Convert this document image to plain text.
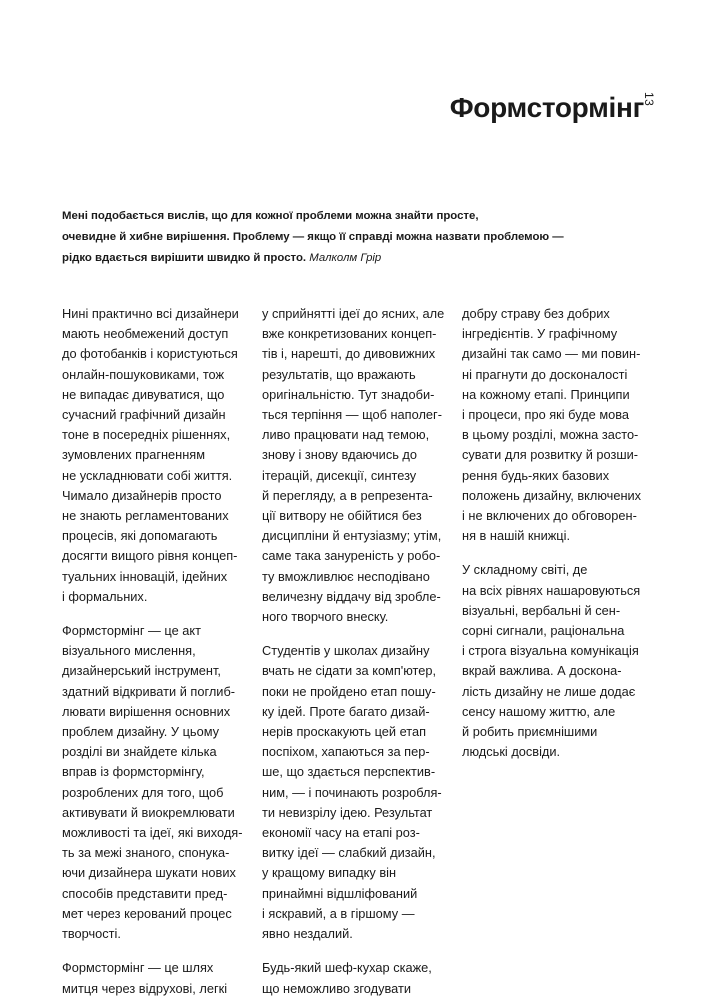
13
Формстормінг
Мені подобається вислів, що для кожної проблеми можна знайти просте,
очевидне й хибне вирішення. Проблему — якщо її справді можна назвати проблемою —
рідко вдається вирішити швидко й просто. Малколм Грір

Нині практично всі дизайнери
мають необмежений доступ
до фотобанків і користуються
онлайн-пошуковиками, тож
не випадає дивуватися, що
сучасний графічний дизайн
тоне в посередніх рішеннях,
зумовлених прагненням
не ускладнювати собі життя.
Чимало дизайнерів просто
не знають регламентованих
процесів, які допомагають
досягти вищого рівня концеп-
туальних інновацій, ідейних
і формальних.

Формстормінг — це акт
візуального мислення,
дизайнерський інструмент,
здатний відкривати й поглиб-
лювати вирішення основних
проблем дизайну. У цьому
розділі ви знайдете кілька
вправ із формстормінгу,
розроблених для того, щоб
активувати й виокремлювати
можливості та ідеї, які виходя-
ть за межі знаного, спонука-
ючи дизайнера шукати нових
способів представити пред-
мет через керований процес
творчості.

Формстормінг — це шлях
митця через відрухові, легкі

у сприйнятті ідеї до ясних, але
вже конкретизованих концеп-
тів і, нарешті, до дивовижних
результатів, що вражають
оригінальністю. Тут знадоби-
ться терпіння — щоб наполег-
ливо працювати над темою,
знову і знову вдаючись до
ітерацій, дисекції, синтезу
й перегляду, а в репрезента-
ції витвору не обійтися без
дисципліни й ентузіазму; утім,
саме така занурeність у робо-
ту вможливлює несподівано
величезну віддачу від зробле-
ного творчого внеску.

Студентів у школах дизайну
вчать не сідати за комп'ютер,
поки не пройдено етап пошу-
ку ідей. Проте багато дизай-
нерів проскакують цей етап
поспіхом, хапаються за пер-
ше, що здається перспектив-
ним, — і починають розробля-
ти невизрілу ідею. Результат
економії часу на етапі роз-
витку ідеї — слабкий дизайн,
у кращому випадку він
принаймні відшліфований
і яскравий, а в гіршому —
явно нездалий.

Будь-який шеф-кухар скаже,
що неможливо згодувати

добру страву без добрих
інгредієнтів. У графічному
дизайні так само — ми повин-
ні прагнути до досконалості
на кожному етапі. Принципи
і процеси, про які буде мова
в цьому розділі, можна засто-
сувати для розвитку й розши-
рення будь-яких базових
положень дизайну, включених
і не включених до обговорен-
ня в нашій книжці.

У складному світі, де
на всіх рівнях нашаровуються
візуальні, вербальні й сен-
сорні сигнали, раціональна
і строга візуальна комунікація
вкрай важлива. А доскона-
лість дизайну не лише додає
сенсу нашому життю, але
й робить приємнішими
людські досвіди.
